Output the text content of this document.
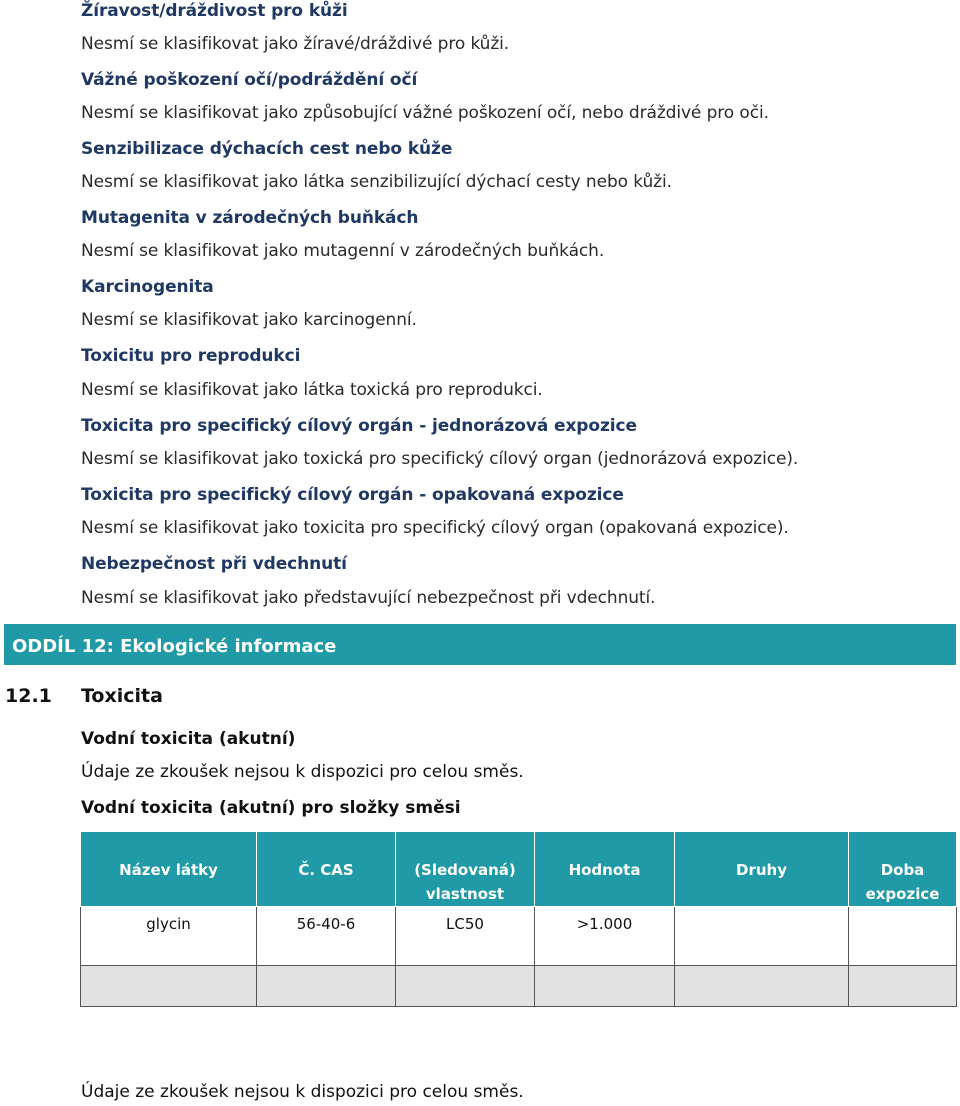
Žíravost/dráždivost pro kůži
Nesmí se klasifikovat jako žíravé/dráždivé pro kůži.
Vážné poškození očí/podráždění očí
Nesmí se klasifikovat jako způsobující vážné poškození očí, nebo dráždivé pro oči.
Senzibilizace dýchacích cest nebo kůže
Nesmí se klasifikovat jako látka senzibilizující dýchací cesty nebo kůži.
Mutagenita v zárodečných buňkách
Nesmí se klasifikovat jako mutagenní v zárodečných buňkách.
Karcinogenita
Nesmí se klasifikovat jako karcinogenní.
Toxicitu pro reprodukci
Nesmí se klasifikovat jako látka toxická pro reprodukci.
Toxicita pro specifický cílový orgán - jednorázová expozice
Nesmí se klasifikovat jako toxická pro specifický cílový organ (jednorázová expozice).
Toxicita pro specifický cílový orgán - opakovaná expozice
Nesmí se klasifikovat jako toxicita pro specifický cílový organ (opakovaná expozice).
Nebezpečnost při vdechnutí
Nesmí se klasifikovat jako představující nebezpečnost při vdechnutí.
ODDÍL 12: Ekologické informace
12.1 Toxicita
Vodní toxicita (akutní)
Údaje ze zkoušek nejsou k dispozici pro celou směs.
Vodní toxicita (akutní) pro složky směsi
Název látky	Č. CAS	(Sledovaná) vlastnost	Hodnota	Druhy	Doba expozice
glycin	56-40-6	LC50	>1.000		

Údaje ze zkoušek nejsou k dispozici pro celou směs.
